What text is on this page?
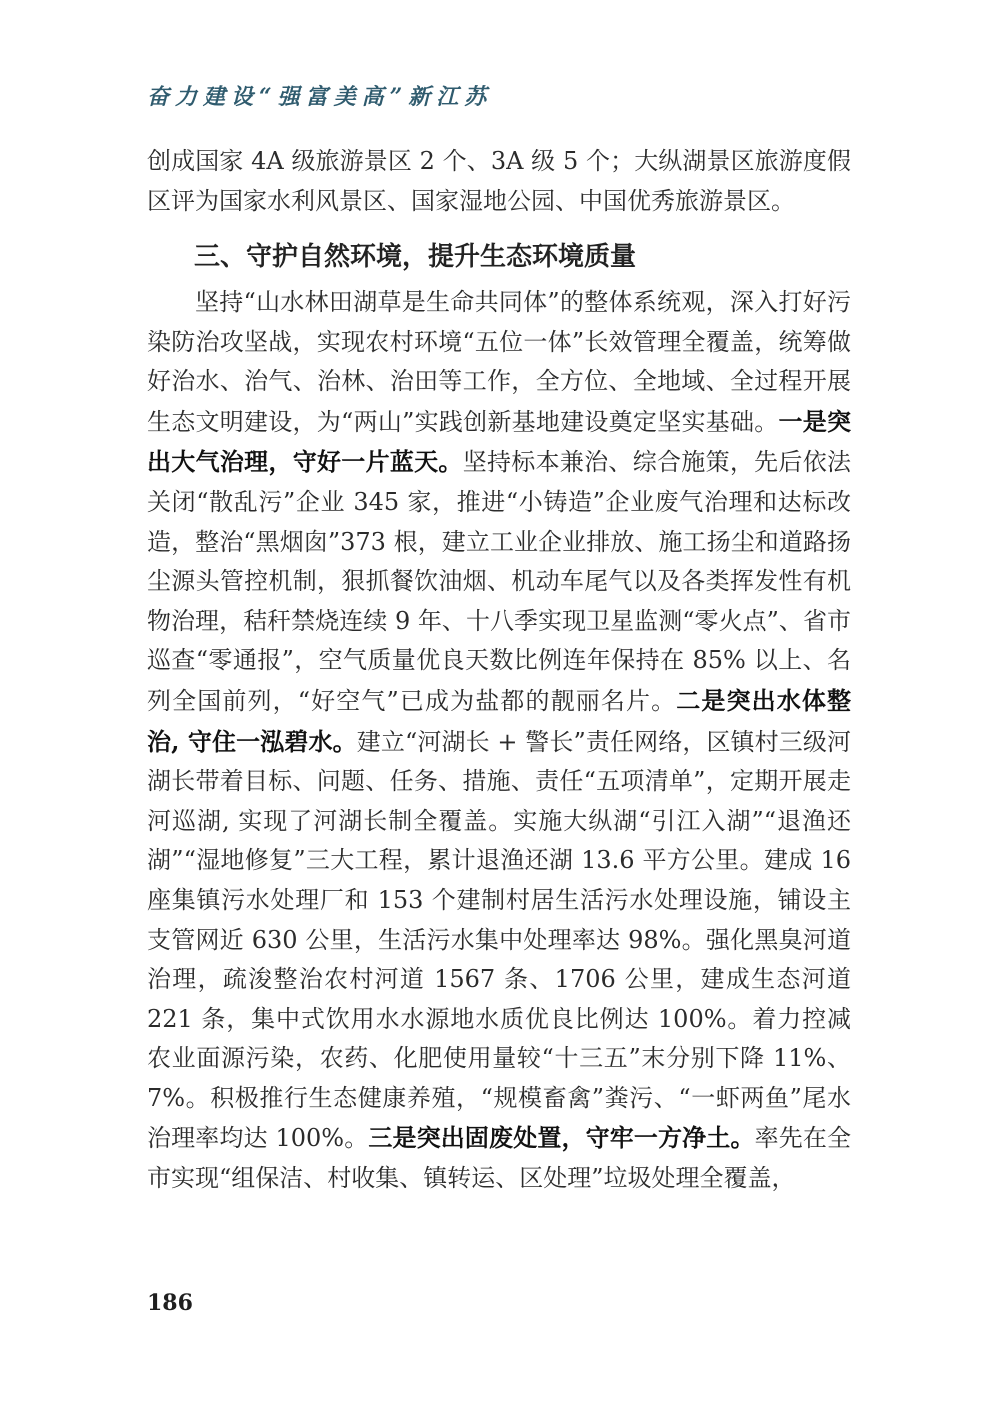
奋力建设“强富美高”新江苏
创成国家 4A 级旅游景区 2 个、3A 级 5 个；大纵湖景区旅游度假区评为国家水利风景区、国家湿地公园、中国优秀旅游景区。
三、守护自然环境，提升生态环境质量

坚持“山水林田湖草是生命共同体”的整体系统观，深入打好污染防治攻坚战，实现农村环境“五位一体”长效管理全覆盖，统筹做好治水、治气、治林、治田等工作，全方位、全地域、全过程开展生态文明建设，为“两山”实践创新基地建设奠定坚实基础。一是突出大气治理，守好一片蓝天。坚持标本兼治、综合施策，先后依法关闭“散乱污”企业 345 家，推进“小铸造”企业废气治理和达标改造，整治“黑烟囱”373 根，建立工业企业排放、施工扬尘和道路扬尘源头管控机制，狠抓餐饮油烟、机动车尾气以及各类挥发性有机物治理，秸秆禁烧连续 9 年、十八季实现卫星监测“零火点”、省市巡查“零通报”，空气质量优良天数比例连年保持在 85% 以上、名列全国前列，“好空气”已成为盐都的靓丽名片。二是突出水体整治, 守住一泓碧水。建立“河湖长 + 警长”责任网络，区镇村三级河湖长带着目标、问题、任务、措施、责任“五项清单”，定期开展走河巡湖, 实现了河湖长制全覆盖。实施大纵湖“引江入湖”“退渔还湖”“湿地修复”三大工程，累计退渔还湖 13.6 平方公里。建成 16 座集镇污水处理厂和 153 个建制村居生活污水处理设施，铺设主支管网近 630 公里，生活污水集中处理率达 98%。强化黑臭河道治理，疏浚整治农村河道 1567 条、1706 公里，建成生态河道 221 条，集中式饮用水水源地水质优良比例达 100%。着力控减农业面源污染，农药、化肥使用量较“十三五”末分别下降 11%、7%。积极推行生态健康养殖，“规模畜禽”粪污、“一虾两鱼”尾水治理率均达 100%。三是突出固废处置，守牢一方净土。率先在全市实现“组保洁、村收集、镇转运、区处理”垃圾处理全覆盖，

186
